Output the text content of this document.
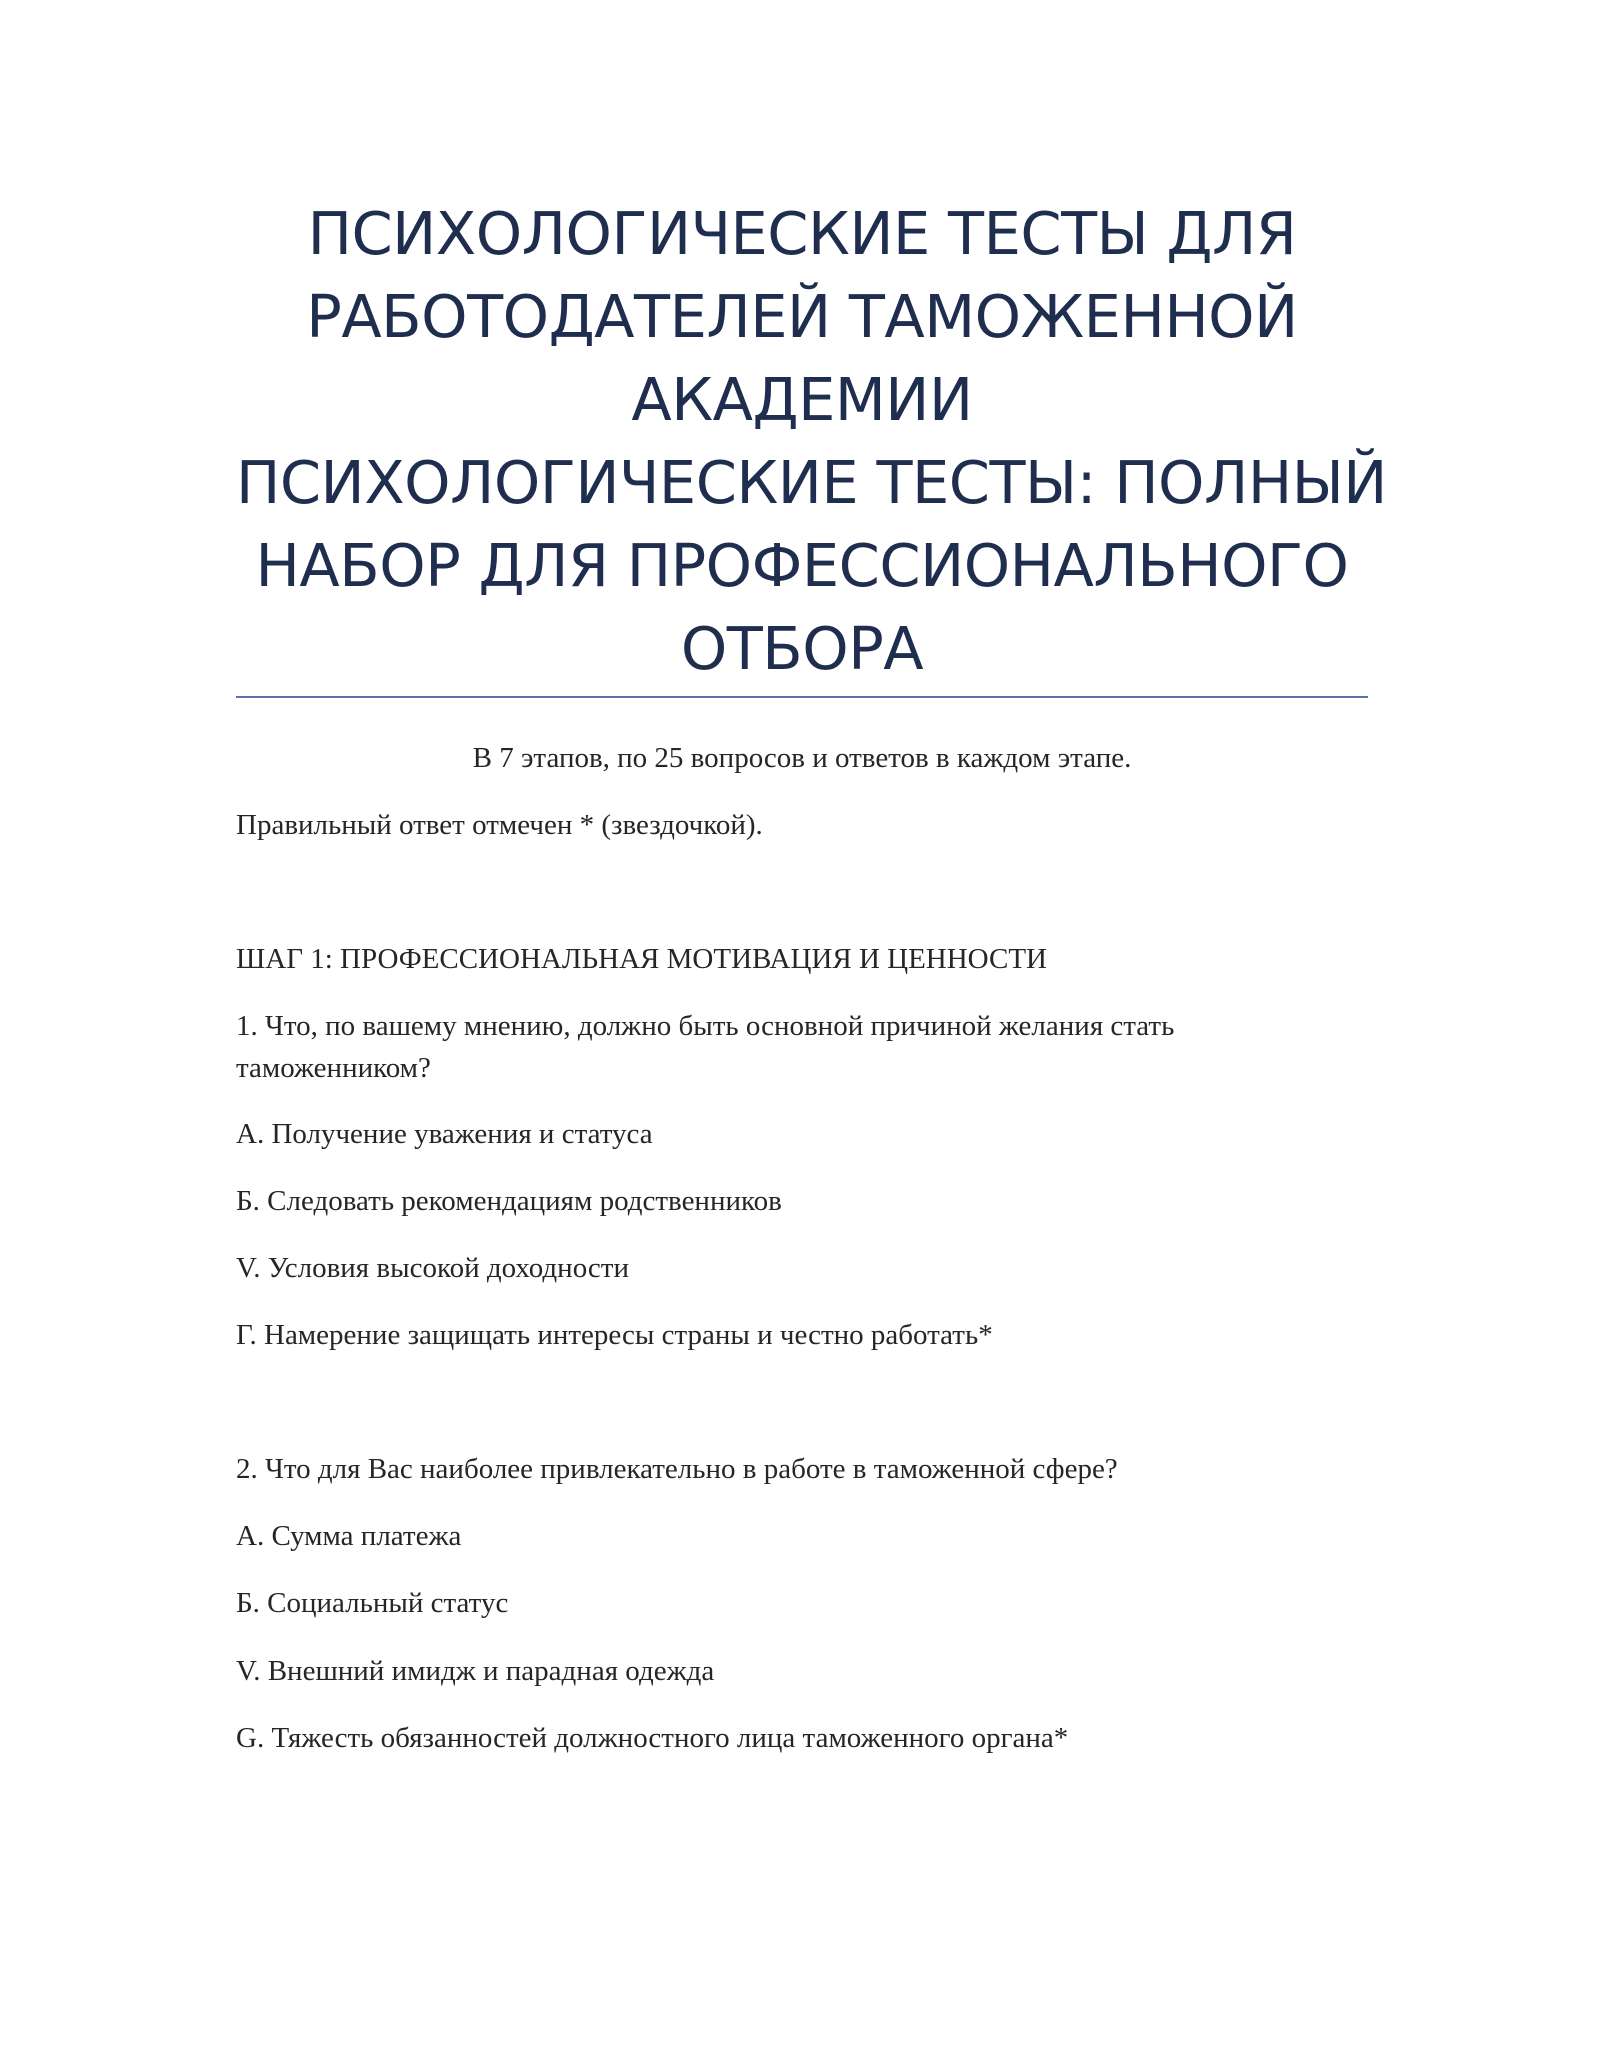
ПСИХОЛОГИЧЕСКИЕ ТЕСТЫ ДЛЯ
РАБОТОДАТЕЛЕЙ ТАМОЖЕННОЙ
АКАДЕМИИ
ПСИХОЛОГИЧЕСКИЕ ТЕСТЫ: ПОЛНЫЙ
НАБОР ДЛЯ ПРОФЕССИОНАЛЬНОГО
ОТБОРА
В 7 этапов, по 25 вопросов и ответов в каждом этапе.
Правильный ответ отмечен * (звездочкой).
ШАГ 1: ПРОФЕССИОНАЛЬНАЯ МОТИВАЦИЯ И ЦЕННОСТИ
1. Что, по вашему мнению, должно быть основной причиной желания стать таможенником?
А. Получение уважения и статуса
Б. Следовать рекомендациям родственников
V. Условия высокой доходности
Г. Намерение защищать интересы страны и честно работать*
2. Что для Вас наиболее привлекательно в работе в таможенной сфере?
А. Сумма платежа
Б. Социальный статус
V. Внешний имидж и парадная одежда
G. Тяжесть обязанностей должностного лица таможенного органа*
